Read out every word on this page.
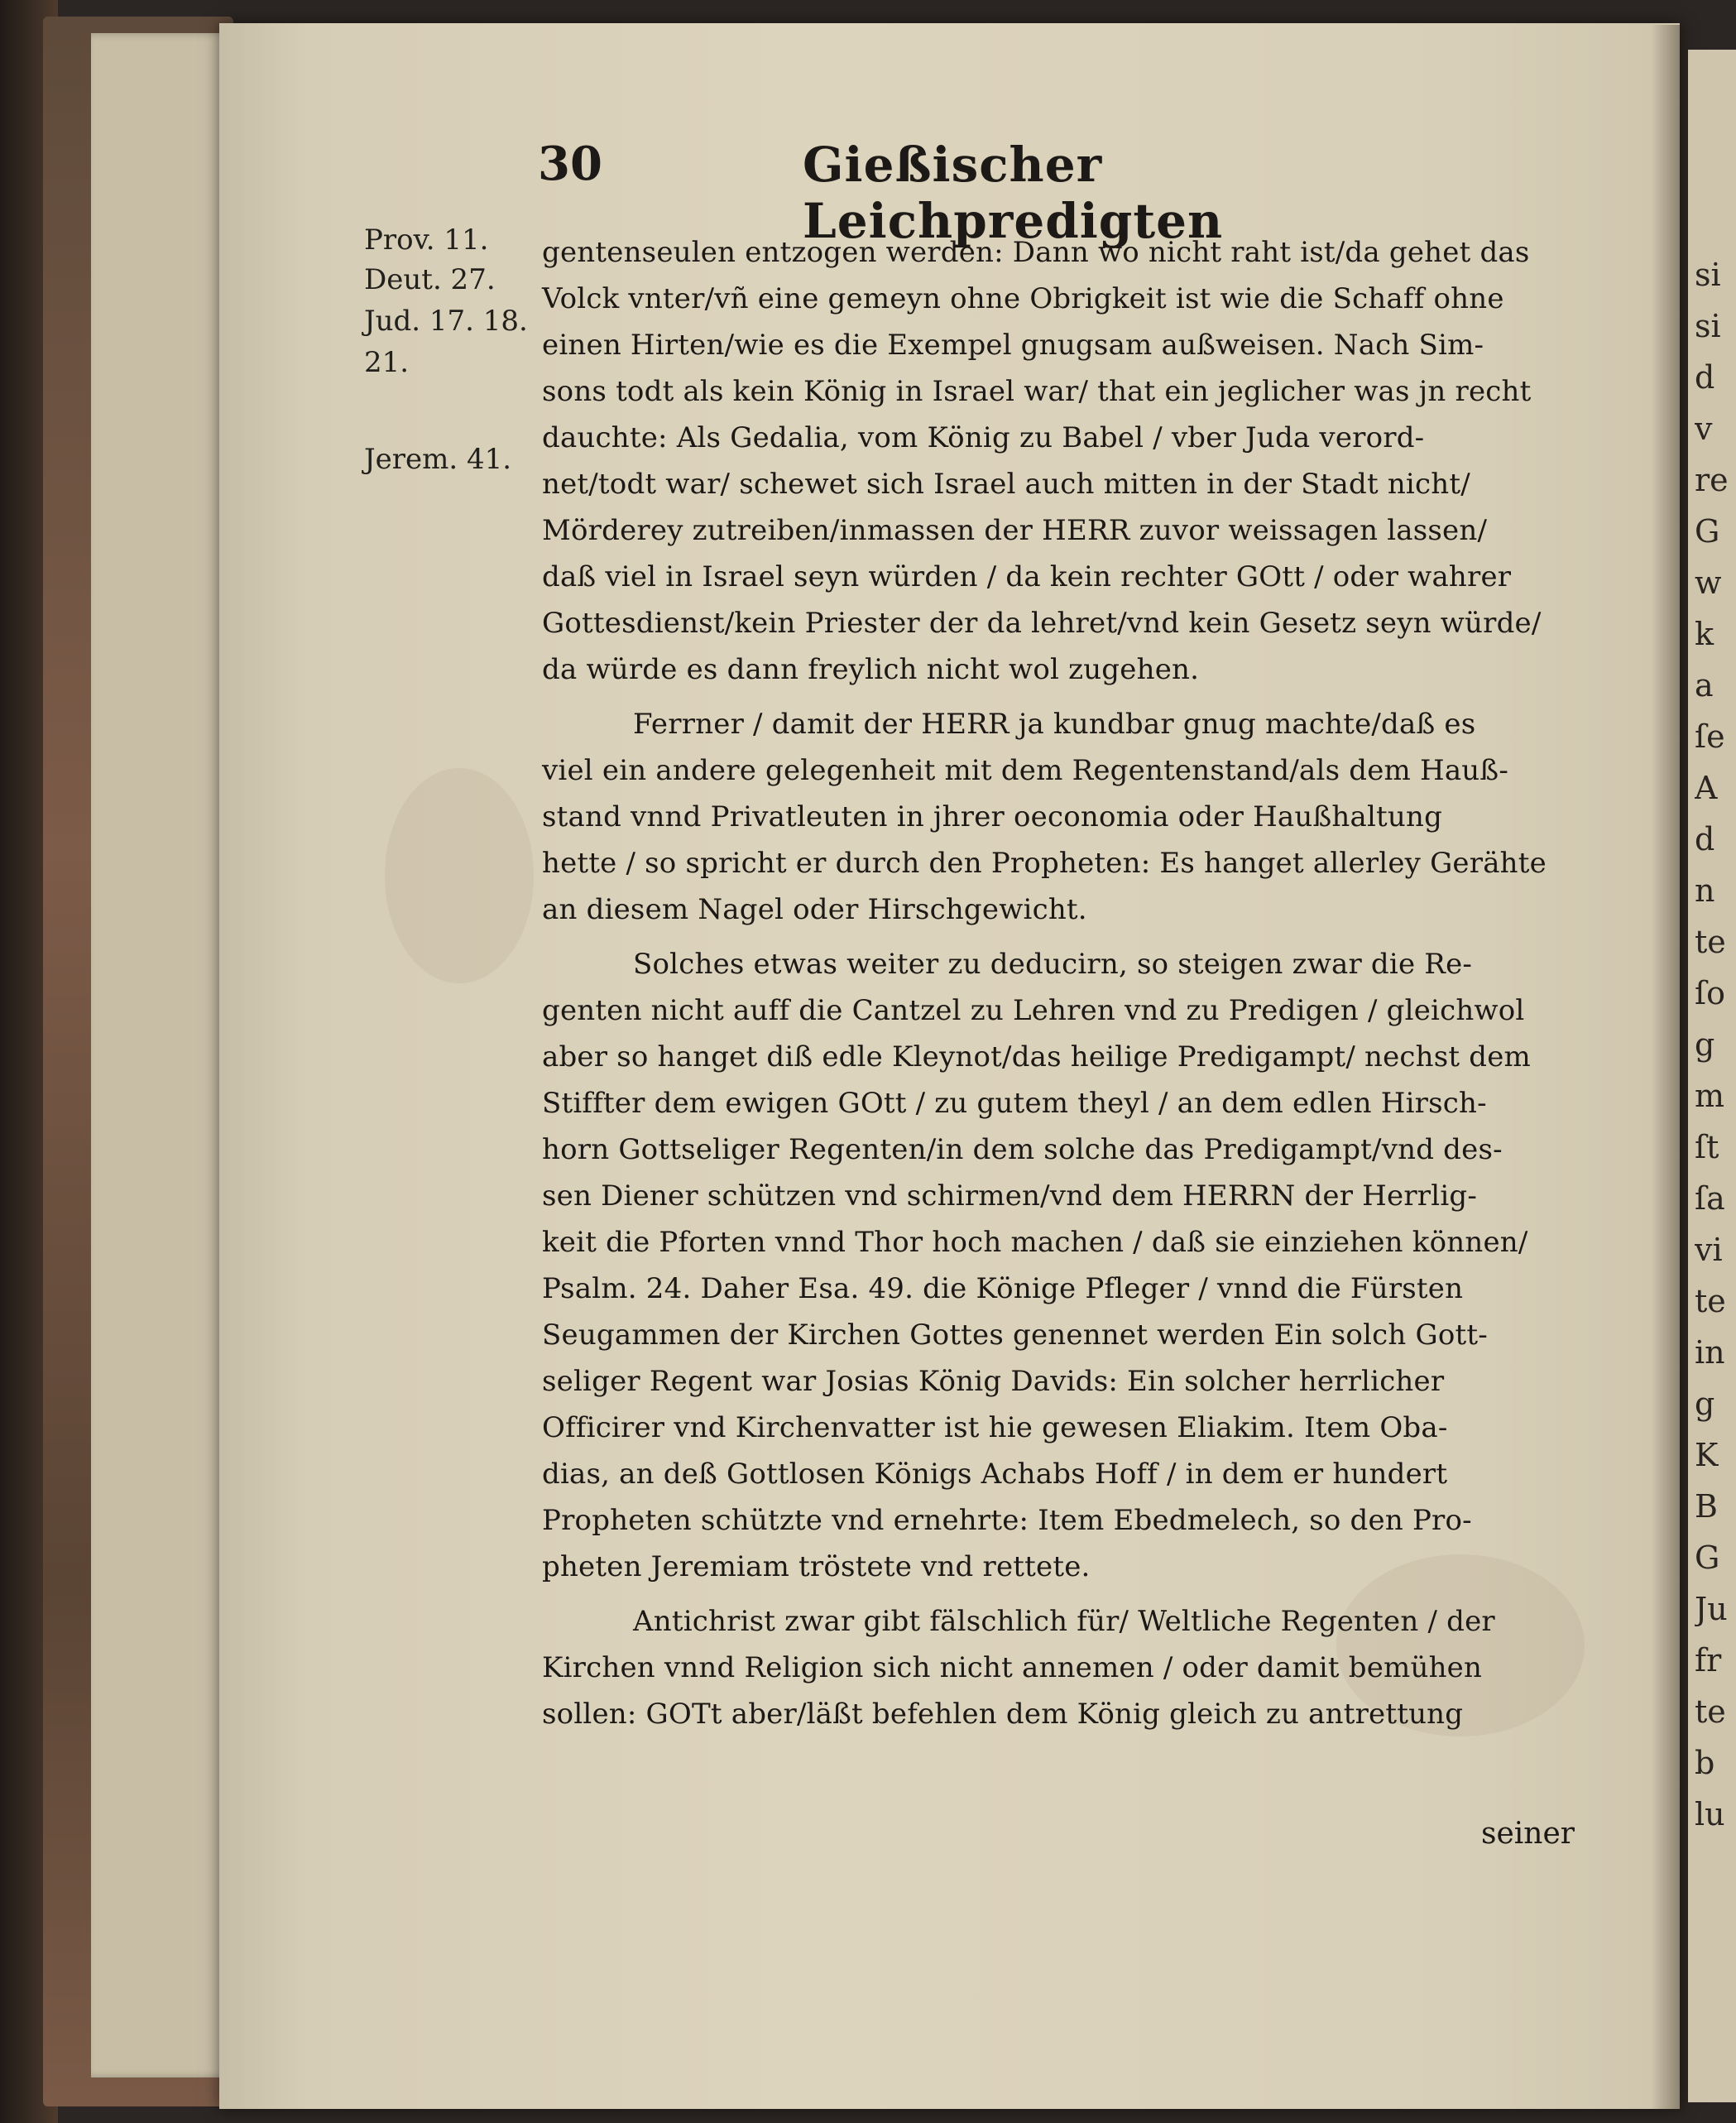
si
si
d
v
re
G
w
k
a
ſe
A
d
n
te
ſo
g
m
ſt
ſa
vi
te
in
g
K
B
G
Ju
fr
te
b
lu
30	Gießischer Leichpredigten
Prov. 11.
Deut. 27.
Jud. 17. 18.
21.
Jerem. 41.
gentenseulen entzogen werden: Dann wo nicht raht ist/da gehet das
Volck vnter/vñ eine gemeyn ohne Obrigkeit ist wie die Schaff ohne
einen Hirten/wie es die Exempel gnugsam außweisen. Nach Sim-
sons todt als kein König in Israel war/ that ein jeglicher was jn recht
dauchte: Als Gedalia, vom König zu Babel / vber Juda verord-
net/todt war/ schewet sich Israel auch mitten in der Stadt nicht/
Mörderey zutreiben/inmassen der HERR zuvor weissagen lassen/
daß viel in Israel seyn würden / da kein rechter GOtt / oder wahrer
Gottesdienst/kein Priester der da lehret/vnd kein Gesetz seyn würde/
da würde es dann freylich nicht wol zugehen.
Ferrner / damit der HERR ja kundbar gnug machte/daß es
viel ein andere gelegenheit mit dem Regentenstand/als dem Hauß-
stand vnnd Privatleuten in jhrer oeconomia oder Haußhaltung
hette / so spricht er durch den Propheten: Es hanget allerley Gerähte
an diesem Nagel oder Hirschgewicht.
Solches etwas weiter zu deducirn, so steigen zwar die Re-
genten nicht auff die Cantzel zu Lehren vnd zu Predigen / gleichwol
aber so hanget diß edle Kleynot/das heilige Predigampt/ nechst dem
Stiffter dem ewigen GOtt / zu gutem theyl / an dem edlen Hirsch-
horn Gottseliger Regenten/in dem solche das Predigampt/vnd des-
sen Diener schützen vnd schirmen/vnd dem HERRN der Herrlig-
keit die Pforten vnnd Thor hoch machen / daß sie einziehen können/
Psalm. 24. Daher Esa. 49. die Könige Pfleger / vnnd die Fürsten
Seugammen der Kirchen Gottes genennet werden Ein solch Gott-
seliger Regent war Josias König Davids: Ein solcher herrlicher
Officirer vnd Kirchenvatter ist hie gewesen Eliakim. Item Oba-
dias, an deß Gottlosen Königs Achabs Hoff / in dem er hundert
Propheten schützte vnd ernehrte: Item Ebedmelech, so den Pro-
pheten Jeremiam tröstete vnd rettete.
Antichrist zwar gibt fälschlich für/ Weltliche Regenten / der
Kirchen vnnd Religion sich nicht annemen / oder damit bemühen
sollen: GOTt aber/läßt befehlen dem König gleich zu antrettung
seiner
